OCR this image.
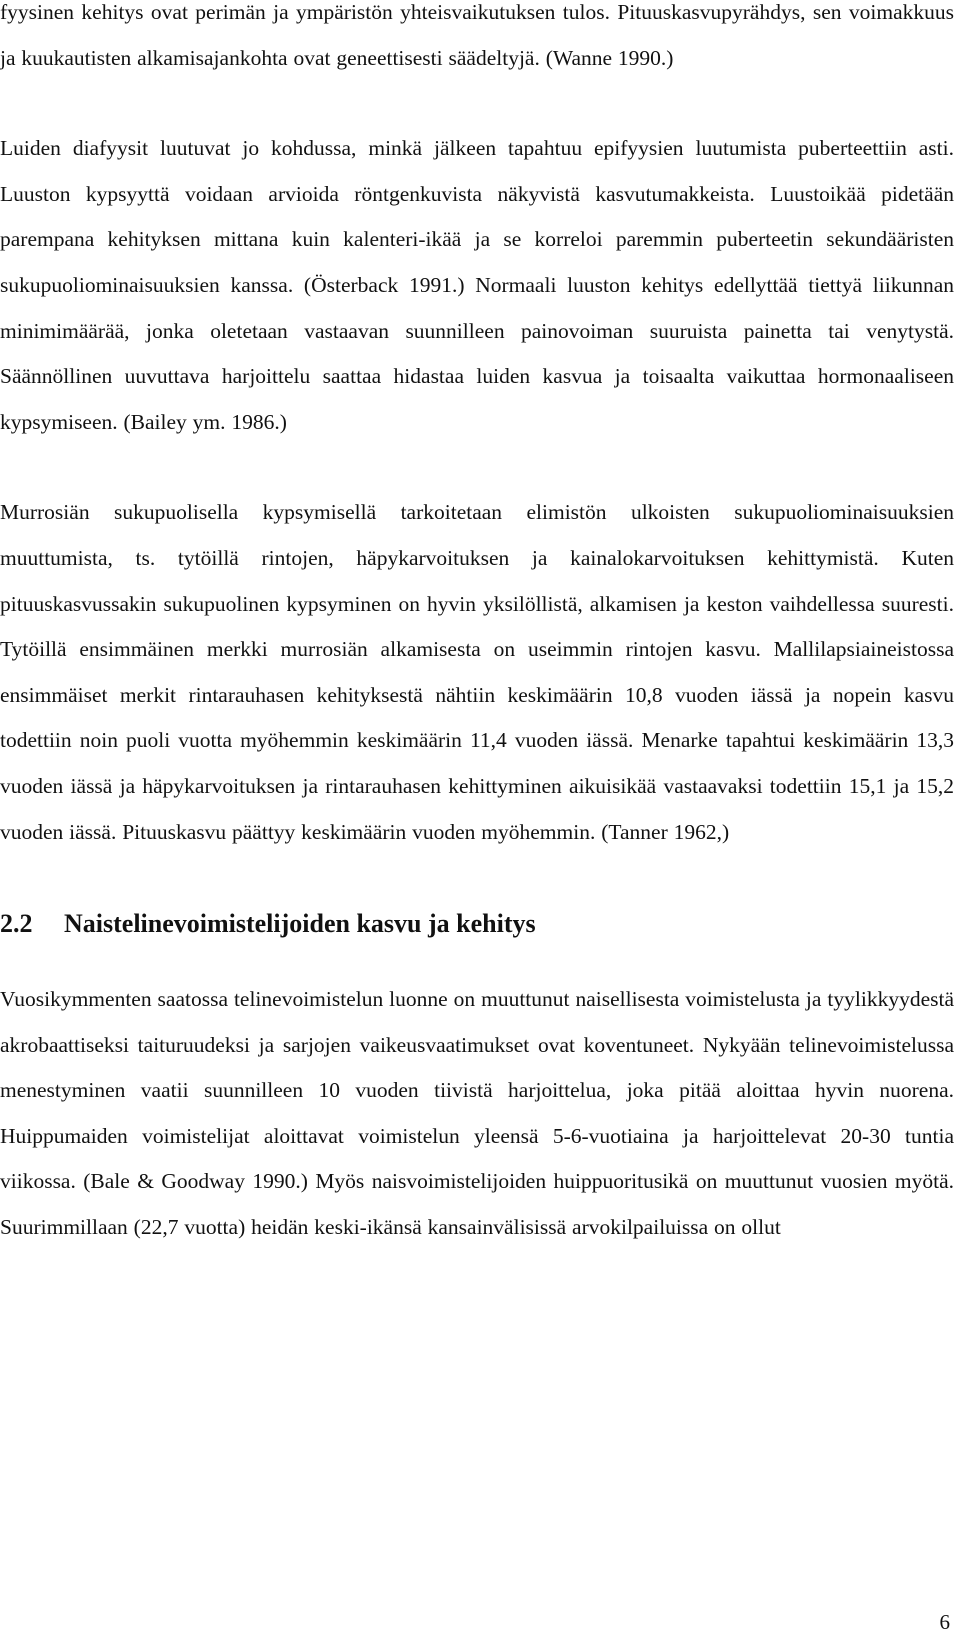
fyysinen kehitys ovat perimän ja ympäristön yhteisvaikutuksen tulos. Pituuskasvupyrähdys, sen voimakkuus ja kuukautisten alkamisajankohta ovat geneettisesti säädeltyjä. (Wanne 1990.)

Luiden diafyysit luutuvat jo kohdussa, minkä jälkeen tapahtuu epifyysien luutumista puberteettiin asti. Luuston kypsyyttä voidaan arvioida röntgenkuvista näkyvistä kasvutumakkeista. Luustoikää pidetään parempana kehityksen mittana kuin kalenteri-ikää ja se korreloi paremmin puberteetin sekundääristen sukupuoliominaisuuksien kanssa. (Österback 1991.) Normaali luuston kehitys edellyttää tiettyä liikunnan minimimäärää, jonka oletetaan vastaavan suunnilleen painovoiman suuruista painetta tai venytystä. Säännöllinen uuvuttava harjoittelu saattaa hidastaa luiden kasvua ja toisaalta vaikuttaa hormonaaliseen kypsymiseen. (Bailey ym. 1986.)

Murrosiän sukupuolisella kypsymisellä tarkoitetaan elimistön ulkoisten sukupuoliominaisuuksien muuttumista, ts. tytöillä rintojen, häpykarvoituksen ja kainalokarvoituksen kehittymistä. Kuten pituuskasvussakin sukupuolinen kypsyminen on hyvin yksilöllistä, alkamisen ja keston vaihdellessa suuresti. Tytöillä ensimmäinen merkki murrosiän alkamisesta on useimmin rintojen kasvu. Mallilapsiaineistossa ensimmäiset merkit rintarauhasen kehityksestä nähtiin keskimäärin 10,8 vuoden iässä ja nopein kasvu todettiin noin puoli vuotta myöhemmin keskimäärin 11,4 vuoden iässä. Menarke tapahtui keskimäärin 13,3 vuoden iässä ja häpykarvoituksen ja rintarauhasen kehittyminen aikuisikää vastaavaksi todettiin 15,1 ja 15,2 vuoden iässä. Pituuskasvu päättyy keskimäärin vuoden myöhemmin. (Tanner 1962,)

2.2	Naistelinevoimistelijoiden kasvu ja kehitys

Vuosikymmenten saatossa telinevoimistelun luonne on muuttunut naisellisesta voimistelusta ja tyylikkyydestä akrobaattiseksi taituruudeksi ja sarjojen vaikeusvaatimukset ovat koventuneet. Nykyään telinevoimistelussa menestyminen vaatii suunnilleen 10 vuoden tiivistä harjoittelua, joka pitää aloittaa hyvin nuorena. Huippumaiden voimistelijat aloittavat voimistelun yleensä 5-6-vuotiaina ja harjoittelevat 20-30 tuntia viikossa. (Bale & Goodway 1990.) Myös naisvoimistelijoiden huippuoritusikä on muuttunut vuosien myötä. Suurimmillaan (22,7 vuotta) heidän keski-ikänsä kansainvälisissä arvokilpailuissa on ollut

6
